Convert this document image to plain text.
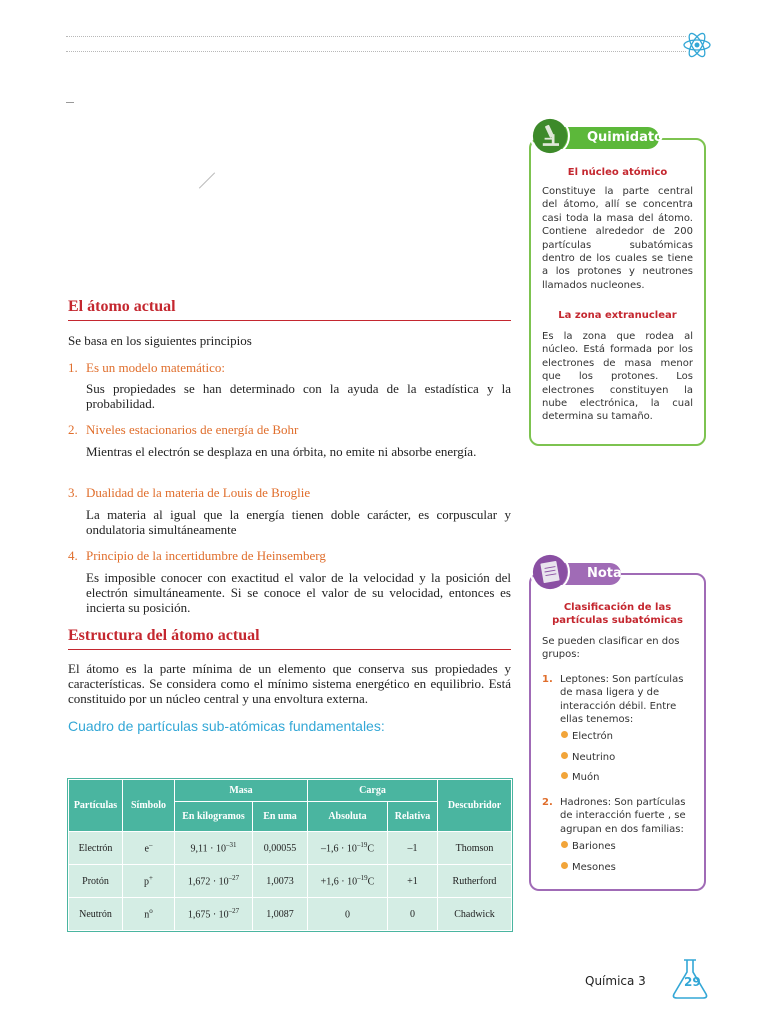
El átomo actual
Se basa en los siguientes principios
1. Es un modelo matemático:
Sus propiedades se han determinado con la ayuda de la estadística y la probabilidad.
2. Niveles estacionarios de energía de Bohr
Mientras el electrón se desplaza en una órbita, no emite ni absorbe energía.
3. Dualidad de la materia de Louis de Broglie
La materia al igual que la energía tienen doble carácter, es corpuscular y ondulatoria simultáneamente
4. Principio de la incertidumbre de Heinsemberg
Es imposible conocer con exactitud el valor de la velocidad y la posición del electrón simultáneamente. Si se conoce el valor de su velocidad, entonces es incierta su posición.
Estructura del átomo actual
El átomo es la parte mínima de un elemento que conserva sus propiedades y características. Se considera como el mínimo sistema energético en equilibrio. Está constituido por un núcleo central y una envoltura externa.
Cuadro de partículas sub-atómicas fundamentales:
Partículas	Símbolo	Masa		Carga		Descubridor
		En kilogramos	En uma	Absoluta	Relativa	
Electrón	e–	$9,11 \cdot 10^{-31}$	0,00055	$-1,6 \cdot 10^{-19}C$	–1	Thomson
Protón	p+	$1,672 \cdot 10^{-27}$	1,0073	$+1,6 \cdot 10^{-19}C$	+1	Rutherford
Neutrón	$n^o$	$1,675 \cdot 10^{-27}$	1,0087	0	0	Chadwick
Quimidato
El núcleo atómico
Constituye la parte central del átomo, allí se concentra casi toda la masa del átomo. Contiene alrededor de 200 partículas subatómicas dentro de los cuales se tiene a los protones y neutrones llamados nucleones.
La zona extranuclear
Es la zona que rodea al núcleo. Está formada por los electrones de masa menor que los protones. Los electrones constituyen la nube electrónica, la cual determina su tamaño.
Nota
Clasificación de las partículas subatómicas
Se pueden clasificar en dos grupos:
1. Leptones: Son partículas de masa ligera y de interacción débil. Entre ellas tenemos:
Electrón
Neutrino
Muón
2. Hadrones: Son partículas de interacción fuerte , se agrupan en dos familias:
Bariones
Mesones
Química 3	29
